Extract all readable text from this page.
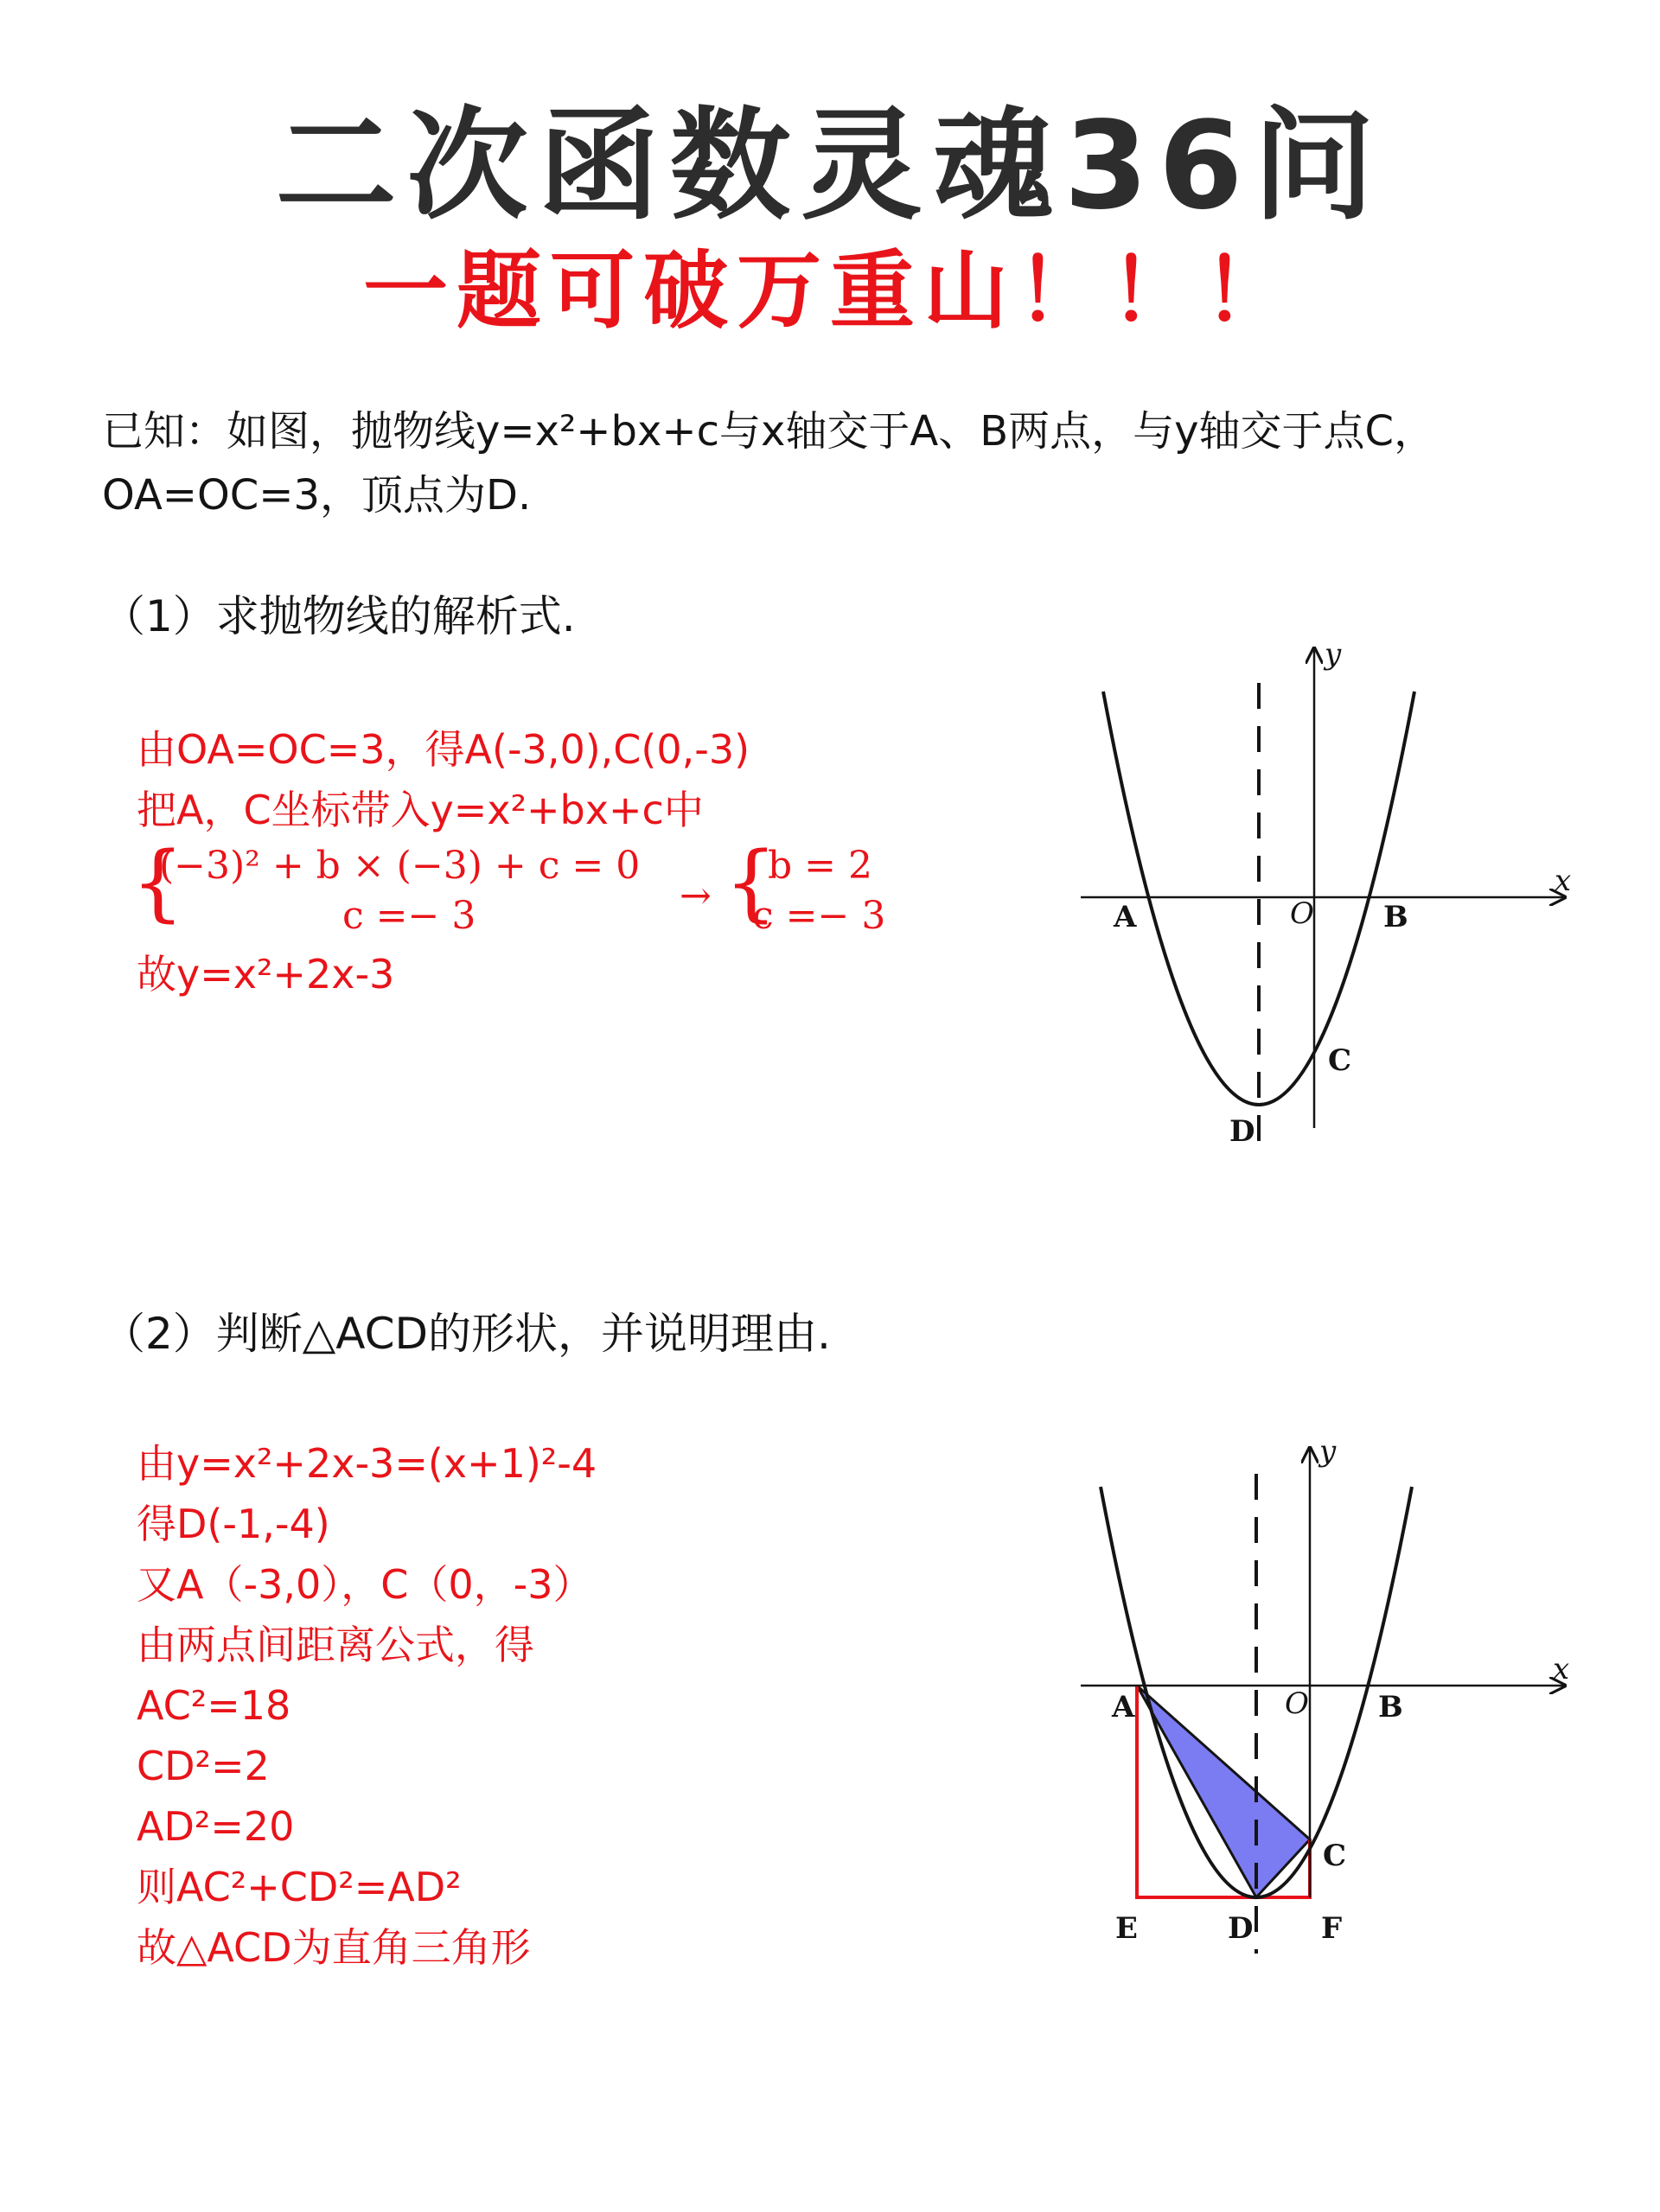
二次函数灵魂36问
一题可破万重山！！！
已知：如图，抛物线y=x²+bx+c与x轴交于A、B两点，与y轴交于点C，
OA=OC=3，顶点为D.
（1）求抛物线的解析式.
由OA=OC=3，得A(-3,0),C(0,-3)
把A，C坐标带入y=x²+bx+c中
{
(−3)² + b × (−3) + c = 0
c =− 3	→ {
b = 2
c =− 3
故y=x²+2x-3
y
x
A	O B
C
D
（2）判断△ACD的形状，并说明理由.
由y=x²+2x-3=(x+1)²-4
得D(-1,-4)
又A（-3,0），C（0，-3）
由两点间距离公式，得
AC²=18
CD²=2
AD²=20
则AC²+CD²=AD²
故△ACD为直角三角形
y
x
A	O B
C
D
E	F
